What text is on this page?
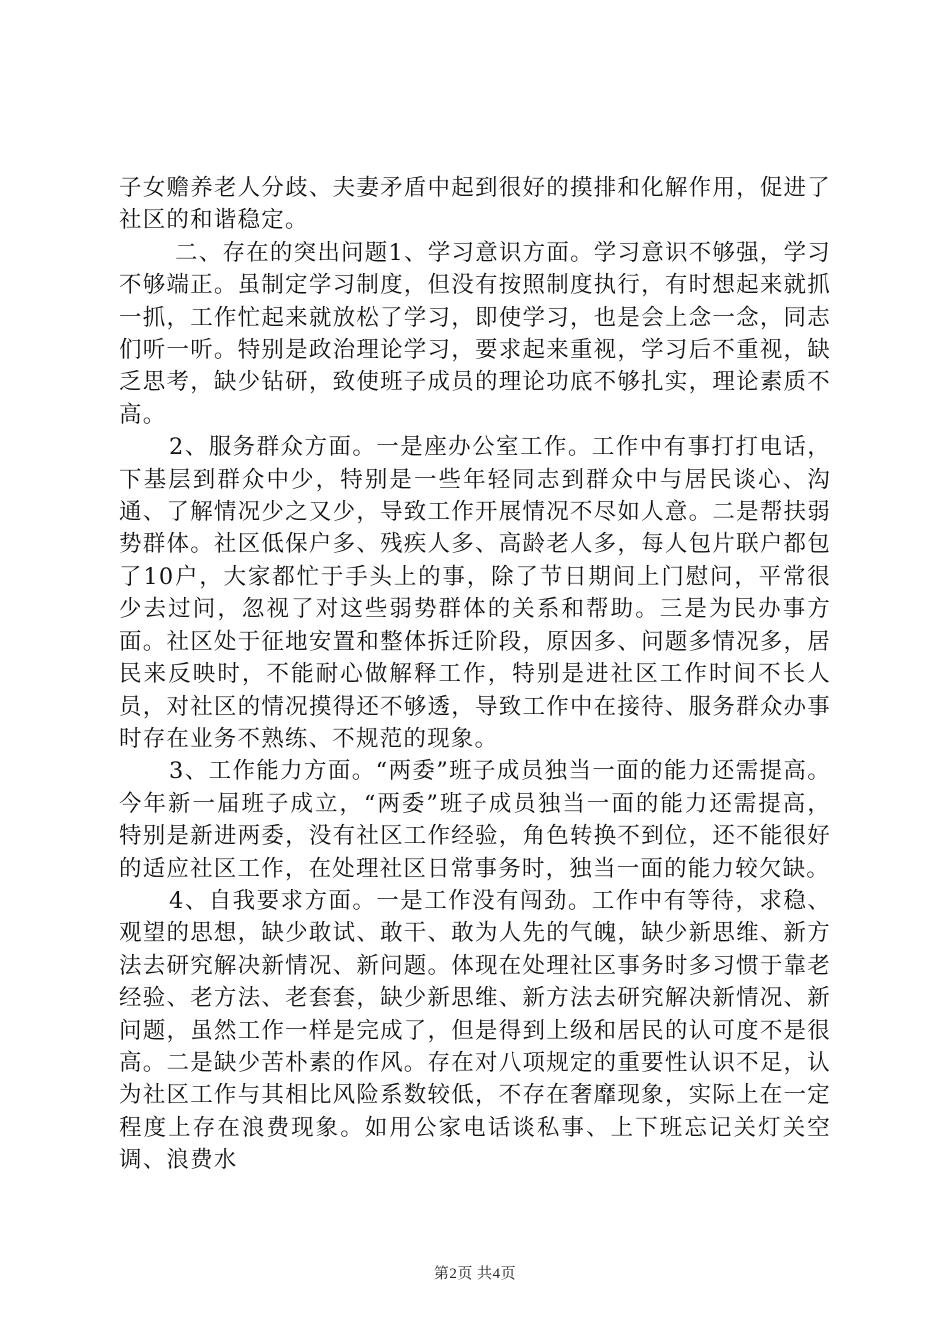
子女赡养老人分歧、夫妻矛盾中起到很好的摸排和化解作用，促进了社区的和谐稳定。

二、存在的突出问题1、学习意识方面。学习意识不够强，学习不够端正。虽制定学习制度，但没有按照制度执行，有时想起来就抓一抓，工作忙起来就放松了学习，即使学习，也是会上念一念，同志们听一听。特别是政治理论学习，要求起来重视，学习后不重视，缺乏思考，缺少钻研，致使班子成员的理论功底不够扎实，理论素质不高。

2、服务群众方面。一是座办公室工作。工作中有事打打电话，下基层到群众中少，特别是一些年轻同志到群众中与居民谈心、沟通、了解情况少之又少，导致工作开展情况不尽如人意。二是帮扶弱势群体。社区低保户多、残疾人多、高龄老人多，每人包片联户都包了10户，大家都忙于手头上的事，除了节日期间上门慰问，平常很少去过问，忽视了对这些弱势群体的关系和帮助。三是为民办事方面。社区处于征地安置和整体拆迁阶段，原因多、问题多情况多，居民来反映时，不能耐心做解释工作，特别是进社区工作时间不长人员，对社区的情况摸得还不够透，导致工作中在接待、服务群众办事时存在业务不熟练、不规范的现象。

3、工作能力方面。“两委”班子成员独当一面的能力还需提高。今年新一届班子成立，“两委”班子成员独当一面的能力还需提高，特别是新进两委，没有社区工作经验，角色转换不到位，还不能很好的适应社区工作，在处理社区日常事务时，独当一面的能力较欠缺。

4、自我要求方面。一是工作没有闯劲。工作中有等待，求稳、观望的思想，缺少敢试、敢干、敢为人先的气魄，缺少新思维、新方法去研究解决新情况、新问题。体现在处理社区事务时多习惯于靠老经验、老方法、老套套，缺少新思维、新方法去研究解决新情况、新问题，虽然工作一样是完成了，但是得到上级和居民的认可度不是很高。二是缺少苦朴素的作风。存在对八项规定的重要性认识不足，认为社区工作与其相比风险系数较低，不存在奢靡现象，实际上在一定程度上存在浪费现象。如用公家电话谈私事、上下班忘记关灯关空调、浪费水

第2页 共4页
